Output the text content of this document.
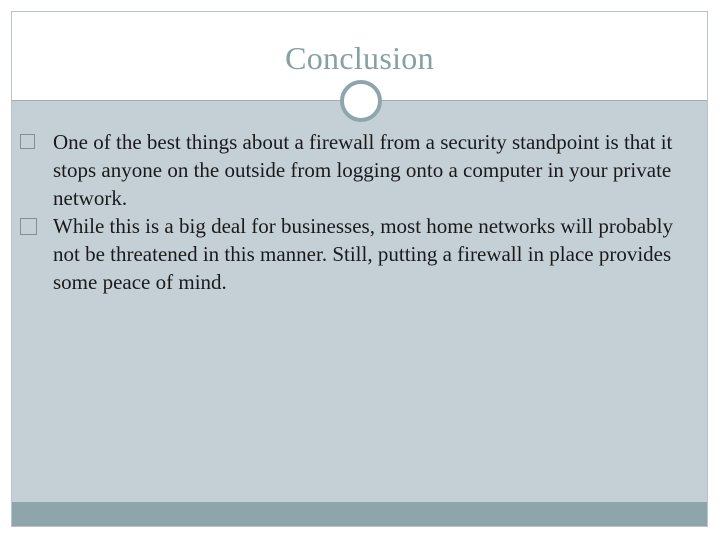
Conclusion

One of the best things about a firewall from a security standpoint is that it stops anyone on the outside from logging onto a computer in your private network.

While this is a big deal for businesses, most home networks will probably not be threatened in this manner. Still, putting a firewall in place provides some peace of mind.
